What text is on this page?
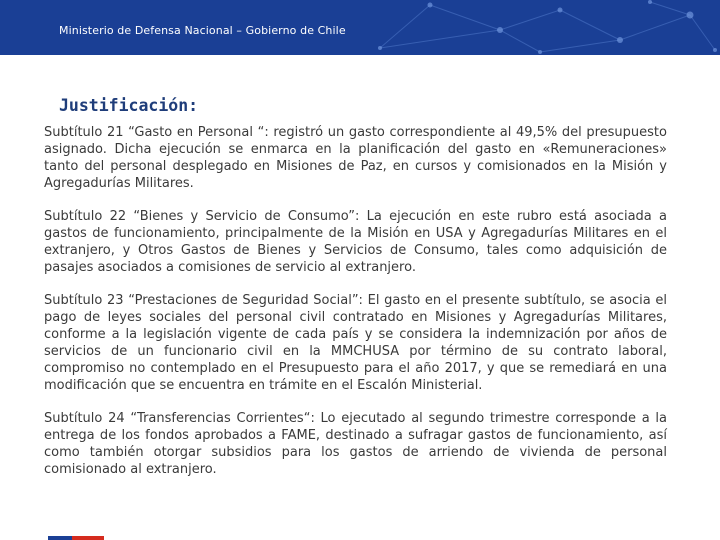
Ministerio de Defensa Nacional – Gobierno de Chile
Justificación:

Subtítulo 21 “Gasto en Personal “: registró un gasto correspondiente al 49,5% del presupuesto asignado. Dicha ejecución se enmarca en la planificación del gasto en «Remuneraciones» tanto del personal desplegado en Misiones de Paz, en cursos y comisionados en la Misión y Agregadurías Militares.

Subtítulo 22 “Bienes y Servicio de Consumo”: La ejecución en este rubro está asociada a gastos de funcionamiento, principalmente de la Misión en USA y Agregadurías Militares en el extranjero, y Otros Gastos de Bienes y Servicios de Consumo, tales como adquisición de pasajes asociados a comisiones de servicio al extranjero.

Subtítulo 23 “Prestaciones de Seguridad Social”: El gasto en el presente subtítulo, se asocia el pago de leyes sociales del personal civil contratado en Misiones y Agregadurías Militares, conforme a la legislación vigente de cada país y se considera la indemnización por años de servicios de un funcionario civil en la MMCHUSA por término de su contrato laboral, compromiso no contemplado en el Presupuesto para el año 2017, y que se remediará en una modificación que se encuentra en trámite en el Escalón Ministerial.

Subtítulo 24 “Transferencias Corrientes“: Lo ejecutado al segundo trimestre corresponde a la entrega de los fondos aprobados a FAME, destinado a sufragar gastos de funcionamiento, así como también otorgar subsidios para los gastos de arriendo de vivienda de personal comisionado al extranjero.
